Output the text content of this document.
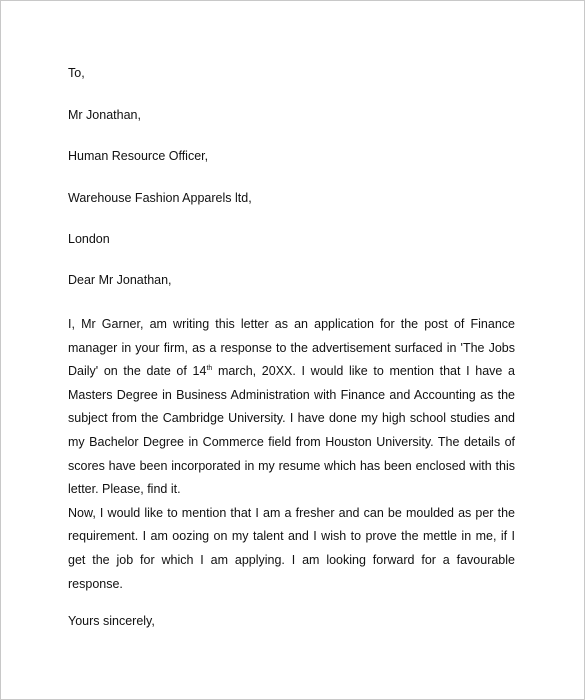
To,
Mr Jonathan,
Human Resource Officer,
Warehouse Fashion Apparels ltd,
London
Dear Mr Jonathan,

I, Mr Garner, am writing this letter as an application for the post of Finance manager in your firm, as a response to the advertisement surfaced in 'The Jobs Daily' on the date of 14th march, 20XX. I would like to mention that I have a Masters Degree in Business Administration with Finance and Accounting as the subject from the Cambridge University. I have done my high school studies and my Bachelor Degree in Commerce field from Houston University. The details of scores have been incorporated in my resume which has been enclosed with this letter. Please, find it.

Now, I would like to mention that I am a fresher and can be moulded as per the requirement. I am oozing on my talent and I wish to prove the mettle in me, if I get the job for which I am applying. I am looking forward for a favourable response.

Yours sincerely,
